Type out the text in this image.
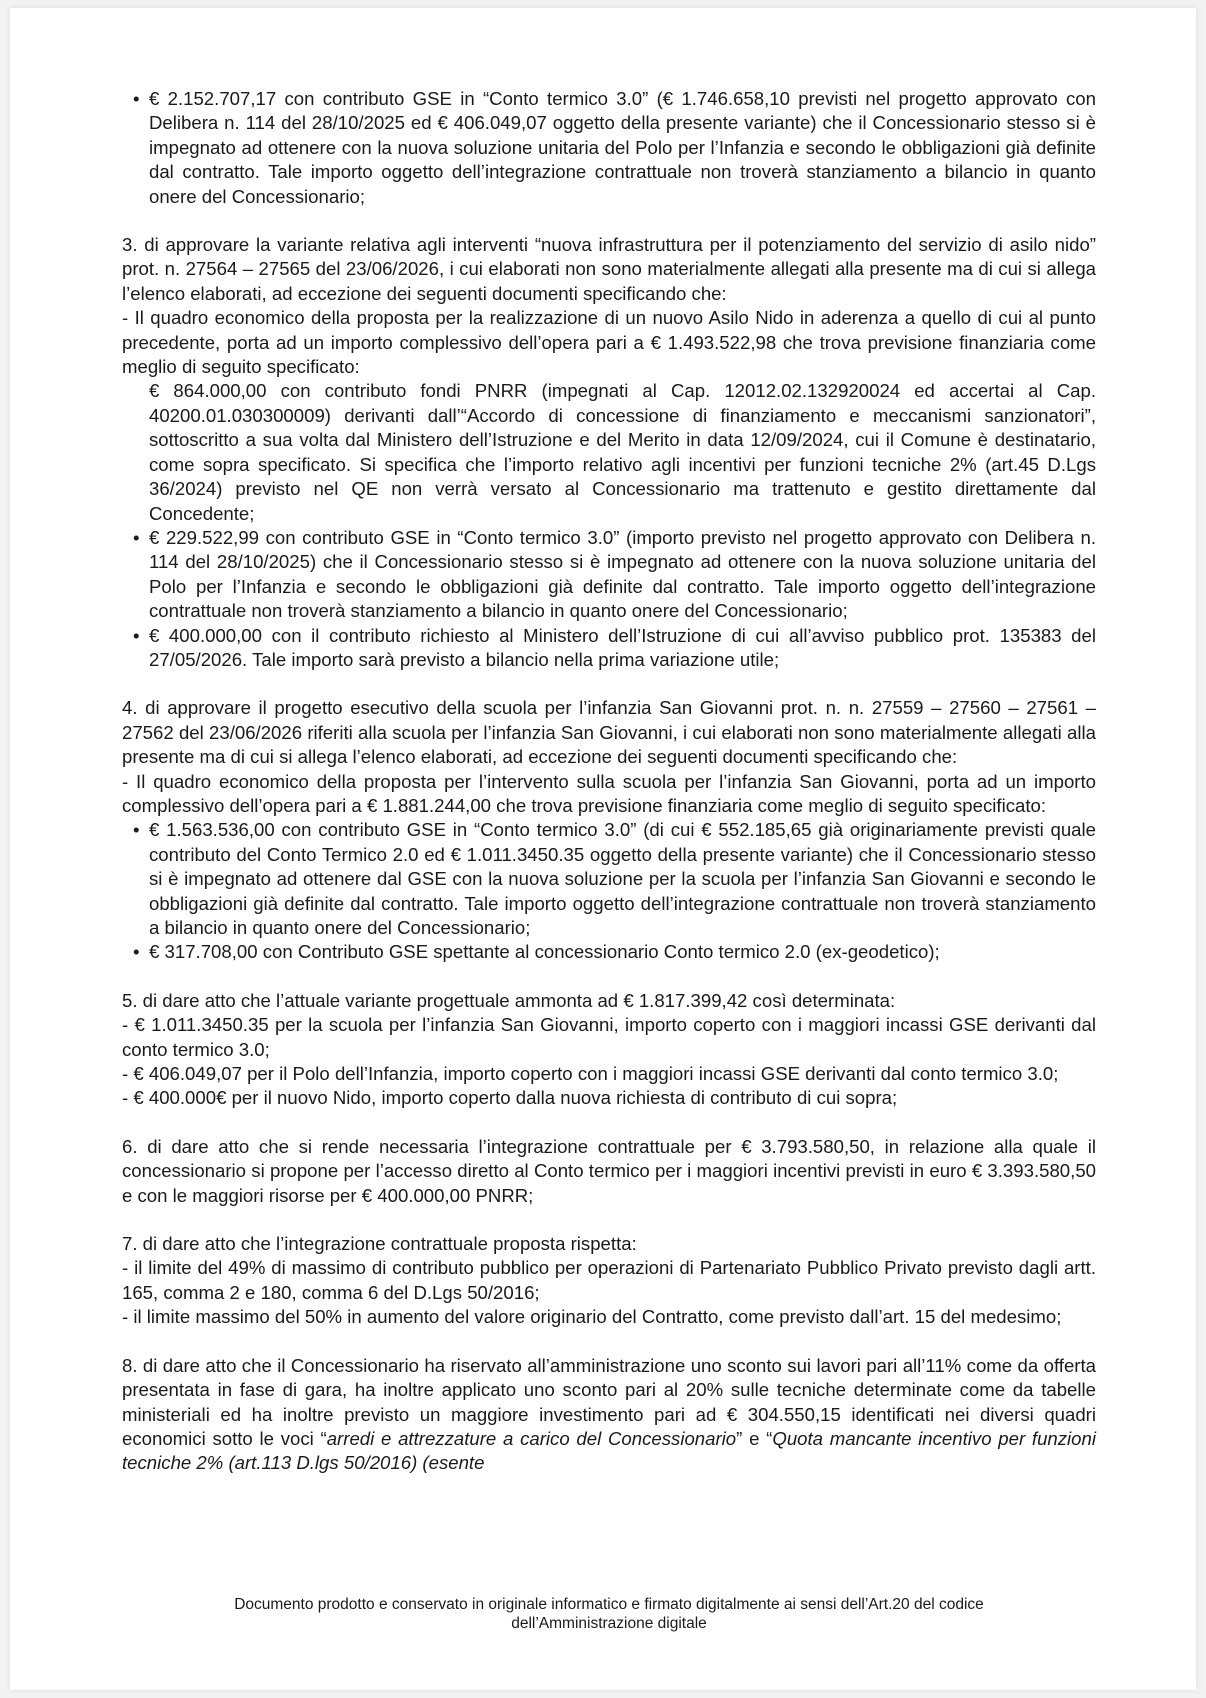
• € 2.152.707,17 con contributo GSE in “Conto termico 3.0” (€ 1.746.658,10 previsti nel progetto approvato con Delibera n. 114 del 28/10/2025 ed € 406.049,07 oggetto della presente variante) che il Concessionario stesso si è impegnato ad ottenere con la nuova soluzione unitaria del Polo per l’Infanzia e secondo le obbligazioni già definite dal contratto. Tale importo oggetto dell’integrazione contrattuale non troverà stanziamento a bilancio in quanto onere del Concessionario;

3. di approvare la variante relativa agli interventi “nuova infrastruttura per il potenziamento del servizio di asilo nido” prot. n. 27564 – 27565 del 23/06/2026, i cui elaborati non sono materialmente allegati alla presente ma di cui si allega l’elenco elaborati, ad eccezione dei seguenti documenti specificando che:

- Il quadro economico della proposta per la realizzazione di un nuovo Asilo Nido in aderenza a quello di cui al punto precedente, porta ad un importo complessivo dell’opera pari a € 1.493.522,98 che trova previsione finanziaria come meglio di seguito specificato:

€ 864.000,00 con contributo fondi PNRR (impegnati al Cap. 12012.02.132920024 ed accertai al Cap. 40200.01.030300009) derivanti dall’“Accordo di concessione di finanziamento e meccanismi sanzionatori”, sottoscritto a sua volta dal Ministero dell’Istruzione e del Merito in data 12/09/2024, cui il Comune è destinatario, come sopra specificato. Si specifica che l’importo relativo agli incentivi per funzioni tecniche 2% (art.45 D.Lgs 36/2024) previsto nel QE non verrà versato al Concessionario ma trattenuto e gestito direttamente dal Concedente;
• € 229.522,99 con contributo GSE in “Conto termico 3.0” (importo previsto nel progetto approvato con Delibera n. 114 del 28/10/2025) che il Concessionario stesso si è impegnato ad ottenere con la nuova soluzione unitaria del Polo per l’Infanzia e secondo le obbligazioni già definite dal contratto. Tale importo oggetto dell’integrazione contrattuale non troverà stanziamento a bilancio in quanto onere del Concessionario;
• € 400.000,00 con il contributo richiesto al Ministero dell’Istruzione di cui all’avviso pubblico prot. 135383 del 27/05/2026. Tale importo sarà previsto a bilancio nella prima variazione utile;

4. di approvare il progetto esecutivo della scuola per l’infanzia San Giovanni prot. n. n. 27559 – 27560 – 27561 – 27562 del 23/06/2026 riferiti alla scuola per l’infanzia San Giovanni, i cui elaborati non sono materialmente allegati alla presente ma di cui si allega l’elenco elaborati, ad eccezione dei seguenti documenti specificando che:

- Il quadro economico della proposta per l’intervento sulla scuola per l’infanzia San Giovanni, porta ad un importo complessivo dell’opera pari a € 1.881.244,00 che trova previsione finanziaria come meglio di seguito specificato:

• € 1.563.536,00 con contributo GSE in “Conto termico 3.0” (di cui € 552.185,65 già originariamente previsti quale contributo del Conto Termico 2.0 ed € 1.011.3450.35 oggetto della presente variante) che il Concessionario stesso si è impegnato ad ottenere dal GSE con la nuova soluzione per la scuola per l’infanzia San Giovanni e secondo le obbligazioni già definite dal contratto. Tale importo oggetto dell’integrazione contrattuale non troverà stanziamento a bilancio in quanto onere del Concessionario;
• € 317.708,00 con Contributo GSE spettante al concessionario Conto termico 2.0 (ex-geodetico);

5. di dare atto che l’attuale variante progettuale ammonta ad € 1.817.399,42 così determinata:

- € 1.011.3450.35 per la scuola per l’infanzia San Giovanni, importo coperto con i maggiori incassi GSE derivanti dal conto termico 3.0;

- € 406.049,07 per il Polo dell’Infanzia, importo coperto con i maggiori incassi GSE derivanti dal conto termico 3.0;

- € 400.000€ per il nuovo Nido, importo coperto dalla nuova richiesta di contributo di cui sopra;

6. di dare atto che si rende necessaria l’integrazione contrattuale per € 3.793.580,50, in relazione alla quale il concessionario si propone per l’accesso diretto al Conto termico per i maggiori incentivi previsti in euro € 3.393.580,50 e con le maggiori risorse per € 400.000,00 PNRR;

7. di dare atto che l’integrazione contrattuale proposta rispetta:

- il limite del 49% di massimo di contributo pubblico per operazioni di Partenariato Pubblico Privato previsto dagli artt. 165, comma 2 e 180, comma 6 del D.Lgs 50/2016;

- il limite massimo del 50% in aumento del valore originario del Contratto, come previsto dall’art. 15 del medesimo;

8. di dare atto che il Concessionario ha riservato all’amministrazione uno sconto sui lavori pari all’11% come da offerta presentata in fase di gara, ha inoltre applicato uno sconto pari al 20% sulle tecniche determinate come da tabelle ministeriali ed ha inoltre previsto un maggiore investimento pari ad € 304.550,15 identificati nei diversi quadri economici sotto le voci “arredi e attrezzature a carico del Concessionario” e “Quota mancante incentivo per funzioni tecniche 2% (art.113 D.lgs 50/2016) (esente

Documento prodotto e conservato in originale informatico e firmato digitalmente ai sensi dell’Art.20 del codice
dell’Amministrazione digitale
